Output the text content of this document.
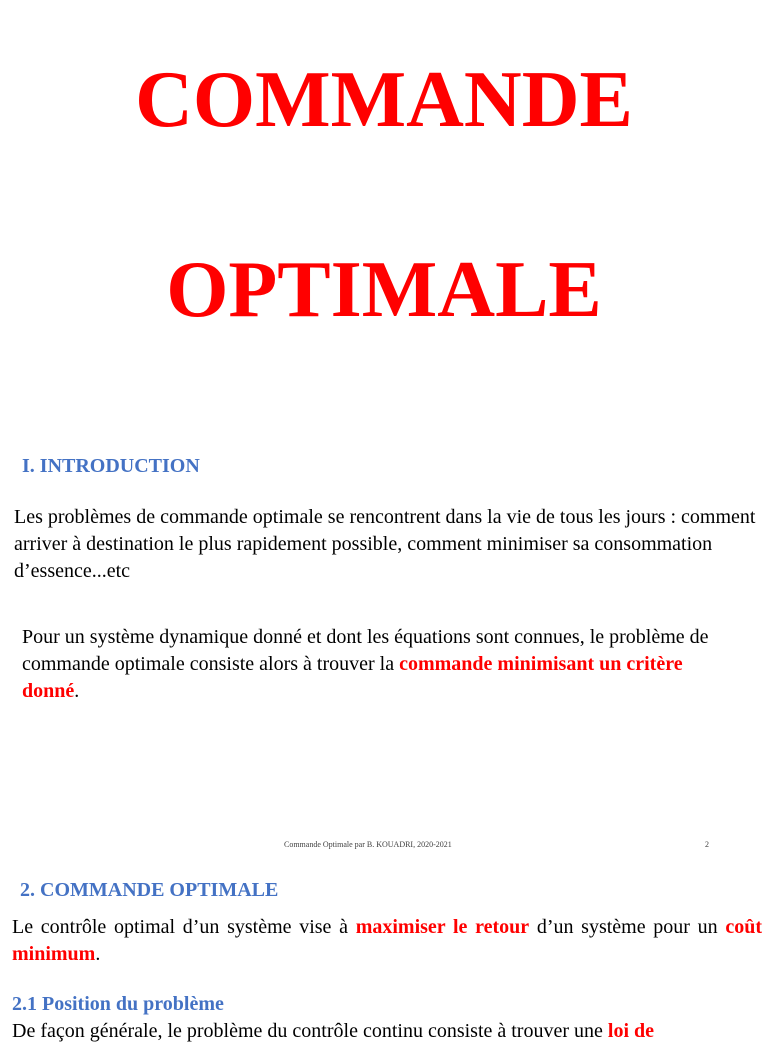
COMMANDE
OPTIMALE
I. INTRODUCTION

Les problèmes de commande optimale se rencontrent dans la vie de tous les jours : comment arriver à destination le plus rapidement possible, comment minimiser sa consommation d’essence...etc

Pour un système dynamique donné et dont les équations sont connues, le problème de commande optimale consiste alors à trouver la commande minimisant un critère donné.

Commande Optimale par B. KOUADRI, 2020-2021	2
2. COMMANDE OPTIMALE

Le contrôle optimal d’un système vise à maximiser le retour d’un système pour un coût minimum.

2.1 Position du problème

De façon générale, le problème du contrôle continu consiste à trouver une loi de
